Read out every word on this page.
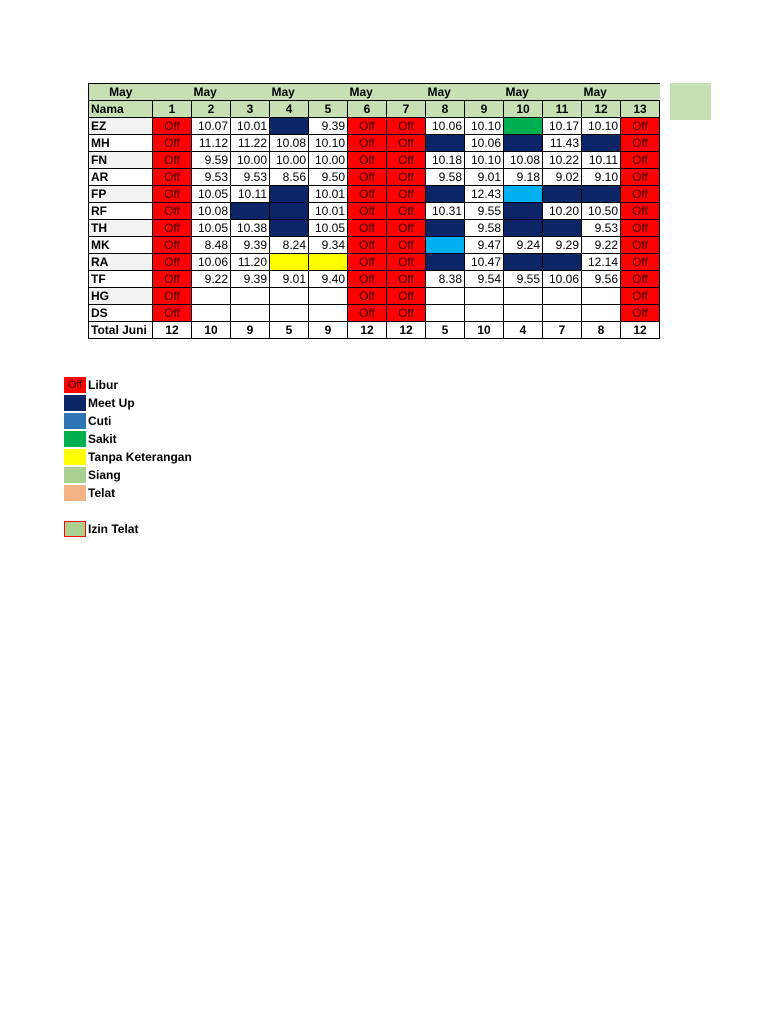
May		May		May		May		May		May		May	
Nama	1	2	3	4	5	6	7	8	9	10	11	12	13
EZ	Off	10.07	10.01		9.39	Off	Off	10.06	10.10		10.17	10.10	Off
MH	Off	11.12	11.22	10.08	10.10	Off	Off		10.06		11.43		Off
FN	Off	9.59	10.00	10.00	10.00	Off	Off	10.18	10.10	10.08	10.22	10.11	Off
AR	Off	9.53	9.53	8.56	9.50	Off	Off	9.58	9.01	9.18	9.02	9.10	Off
FP	Off	10.05	10.11		10.01	Off	Off		12.43				Off
RF	Off	10.08			10.01	Off	Off	10.31	9.55		10.20	10.50	Off
TH	Off	10.05	10.38		10.05	Off	Off		9.58			9.53	Off
MK	Off	8.48	9.39	8.24	9.34	Off	Off		9.47	9.24	9.29	9.22	Off
RA	Off	10.06	11.20			Off	Off		10.47			12.14	Off
TF	Off	9.22	9.39	9.01	9.40	Off	Off	8.38	9.54	9.55	10.06	9.56	Off
HG	Off					Off	Off						Off
DS	Off					Off	Off						Off
Total Juni	12	10	9	5	9	12	12	5	10	4	7	8	12
Off Libur
Meet Up
Cuti
Sakit
Tanpa Keterangan
Siang
Telat
Izin Telat
